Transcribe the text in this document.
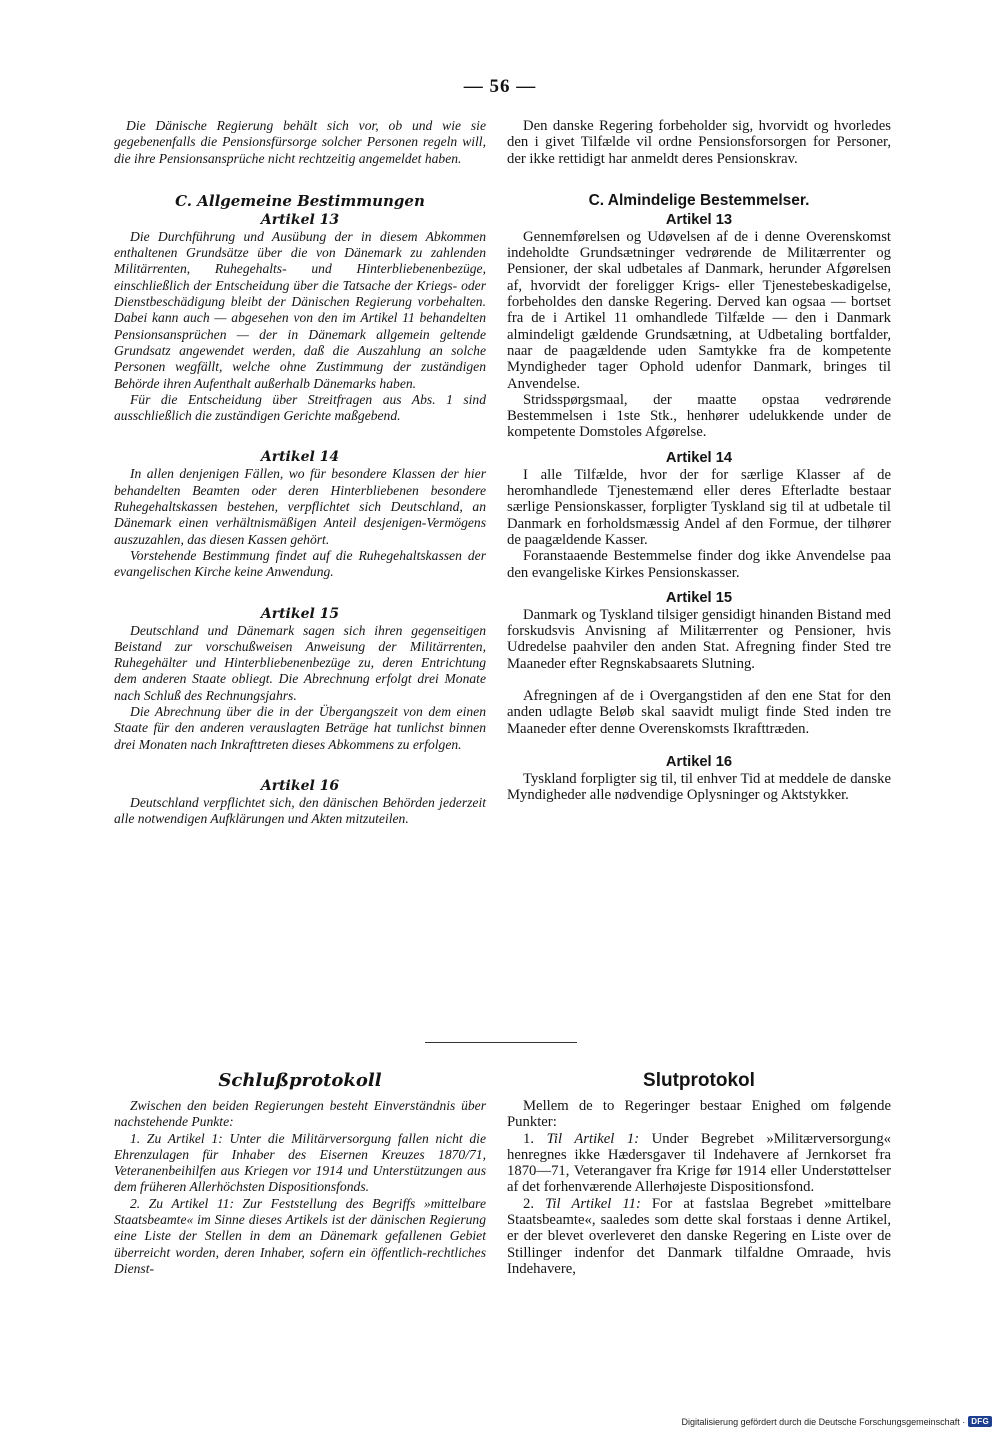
— 56 —

Die Dänische Regierung behält sich vor, ob und wie sie gegebenenfalls die Pensionsfürsorge solcher Personen regeln will, die ihre Pensionsansprüche nicht rechtzeitig angemeldet haben.

C. Allgemeine Bestimmungen
Artikel 13

Die Durchführung und Ausübung der in diesem Abkommen enthaltenen Grundsätze über die von Dänemark zu zahlenden Militärrenten, Ruhegehalts- und Hinterbliebenenbezüge, einschließlich der Entscheidung über die Tatsache der Kriegs- oder Dienstbeschädigung bleibt der Dänischen Regierung vorbehalten. Dabei kann auch — abgesehen von den im Artikel 11 behandelten Pensionsansprüchen — der in Dänemark allgemein geltende Grundsatz angewendet werden, daß die Auszahlung an solche Personen wegfällt, welche ohne Zustimmung der zuständigen Behörde ihren Aufenthalt außerhalb Dänemarks haben.

Für die Entscheidung über Streitfragen aus Abs. 1 sind ausschließlich die zuständigen Gerichte maßgebend.

Artikel 14

In allen denjenigen Fällen, wo für besondere Klassen der hier behandelten Beamten oder deren Hinterbliebenen besondere Ruhegehaltskassen bestehen, verpflichtet sich Deutschland, an Dänemark einen verhältnismäßigen Anteil desjenigen-Vermögens auszuzahlen, das diesen Kassen gehört.

Vorstehende Bestimmung findet auf die Ruhegehaltskassen der evangelischen Kirche keine Anwendung.

Artikel 15

Deutschland und Dänemark sagen sich ihren gegenseitigen Beistand zur vorschußweisen Anweisung der Militärrenten, Ruhegehälter und Hinterbliebenenbezüge zu, deren Entrichtung dem anderen Staate obliegt. Die Abrechnung erfolgt drei Monate nach Schluß des Rechnungsjahrs.

Die Abrechnung über die in der Übergangszeit von dem einen Staate für den anderen verauslagten Beträge hat tunlichst binnen drei Monaten nach Inkrafttreten dieses Abkommens zu erfolgen.

Artikel 16

Deutschland verpflichtet sich, den dänischen Behörden jederzeit alle notwendigen Aufklärungen und Akten mitzuteilen.

Den danske Regering forbeholder sig, hvorvidt og hvorledes den i givet Tilfælde vil ordne Pensionsforsorgen for Personer, der ikke rettidigt har anmeldt deres Pensionskrav.

C. Almindelige Bestemmelser.
Artikel 13

Gennemførelsen og Udøvelsen af de i denne Overenskomst indeholdte Grundsætninger vedrørende de Militærrenter og Pensioner, der skal udbetales af Danmark, herunder Afgørelsen af, hvorvidt der foreligger Krigs- eller Tjenestebeskadigelse, forbeholdes den danske Regering. Derved kan ogsaa — bortset fra de i Artikel 11 omhandlede Tilfælde — den i Danmark almindeligt gældende Grundsætning, at Udbetaling bortfalder, naar de paagældende uden Samtykke fra de kompetente Myndigheder tager Ophold udenfor Danmark, bringes til Anvendelse.

Stridsspørgsmaal, der maatte opstaa vedrørende Bestemmelsen i 1ste Stk., henhører udelukkende under de kompetente Domstoles Afgørelse.

Artikel 14

I alle Tilfælde, hvor der for særlige Klasser af de heromhandlede Tjenestemænd eller deres Efterladte bestaar særlige Pensionskasser, forpligter Tyskland sig til at udbetale til Danmark en forholdsmæssig Andel af den Formue, der tilhører de paagældende Kasser.

Foranstaaende Bestemmelse finder dog ikke Anvendelse paa den evangeliske Kirkes Pensionskasser.

Artikel 15

Danmark og Tyskland tilsiger gensidigt hinanden Bistand med forskudsvis Anvisning af Militærrenter og Pensioner, hvis Udredelse paahviler den anden Stat. Afregning finder Sted tre Maaneder efter Regnskabsaarets Slutning.

Afregningen af de i Overgangstiden af den ene Stat for den anden udlagte Beløb skal saavidt muligt finde Sted inden tre Maaneder efter denne Overenskomsts Ikrafttræden.

Artikel 16

Tyskland forpligter sig til, til enhver Tid at meddele de danske Myndigheder alle nødvendige Oplysninger og Aktstykker.

Schlußprotokoll

Zwischen den beiden Regierungen besteht Einverständnis über nachstehende Punkte:

1. Zu Artikel 1: Unter die Militärversorgung fallen nicht die Ehrenzulagen für Inhaber des Eisernen Kreuzes 1870/71, Veteranenbeihilfen aus Kriegen vor 1914 und Unterstützungen aus dem früheren Allerhöchsten Dispositionsfonds.

2. Zu Artikel 11: Zur Feststellung des Begriffs »mittelbare Staatsbeamte« im Sinne dieses Artikels ist der dänischen Regierung eine Liste der Stellen in dem an Dänemark gefallenen Gebiet überreicht worden, deren Inhaber, sofern ein öffentlich-rechtliches Dienst-

Slutprotokol

Mellem de to Regeringer bestaar Enighed om følgende Punkter:

1. Til Artikel 1: Under Begrebet »Militærversorgung« henregnes ikke Hædersgaver til Indehavere af Jernkorset fra 1870—71, Veterangaver fra Krige før 1914 eller Understøttelser af det forhenværende Allerhøjeste Dispositionsfond.

2. Til Artikel 11: For at fastslaa Begrebet »mittelbare Staatsbeamte«, saaledes som dette skal forstaas i denne Artikel, er der blevet overleveret den danske Regering en Liste over de Stillinger indenfor det Danmark tilfaldne Omraade, hvis Indehavere,

Digitalisierung gefördert durch die Deutsche Forschungsgemeinschaft · DFG
